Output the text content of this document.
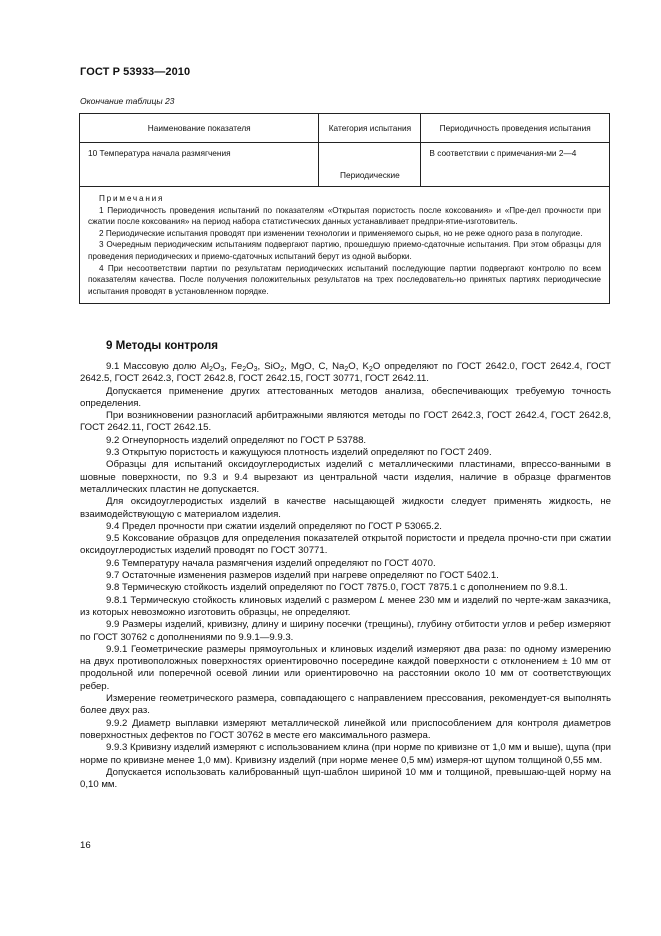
ГОСТ Р 53933—2010
Окончание таблицы 23
Наименование показателя	Категория испытания	Периодичность проведения испытания
10 Температура начала размягчения	Периодические	В соответствии с примечания-ми 2—4

Примечания

1 Периодичность проведения испытаний по показателям «Открытая пористость после коксования» и «Пре-дел прочности при сжатии после коксования» на период набора статистических данных устанавливает предпри-ятие-изготовитель.

2 Периодические испытания проводят при изменении технологии и применяемого сырья, но не реже одного раза в полугодие.

3 Очередным периодическим испытаниям подвергают партию, прошедшую приемо-сдаточные испытания. При этом образцы для проведения периодических и приемо-сдаточных испытаний берут из одной выборки.

4 При несоответствии партии по результатам периодических испытаний последующие партии подвергают контролю по всем показателям качества. После получения положительных результатов на трех последователь-но принятых партиях периодические испытания проводят в установленном порядке.		

9 Методы контроля

9.1 Массовую долю $Al_2O_3$, $Fe_2O_3$, SiO$_2$, MgO, C, $Na_2O$, $K_2O$ определяют по ГОСТ 2642.0, ГОСТ 2642.4, ГОСТ 2642.5, ГОСТ 2642.3, ГОСТ 2642.8, ГОСТ 2642.15, ГОСТ 30771, ГОСТ 2642.11.

Допускается применение других аттестованных методов анализа, обеспечивающих требуемую точность определения.

При возникновении разногласий арбитражными являются методы по ГОСТ 2642.3, ГОСТ 2642.4, ГОСТ 2642.8, ГОСТ 2642.11, ГОСТ 2642.15.

9.2 Огнеупорность изделий определяют по ГОСТ Р 53788.

9.3 Открытую пористость и кажущуюся плотность изделий определяют по ГОСТ 2409.

Образцы для испытаний оксидоуглеродистых изделий с металлическими пластинами, впрессо-ванными в шовные поверхности, по 9.3 и 9.4 вырезают из центральной части изделия, наличие в образце фрагментов металлических пластин не допускается.

Для оксидоуглеродистых изделий в качестве насыщающей жидкости следует применять жидкость, не взаимодействующую с материалом изделия.

9.4 Предел прочности при сжатии изделий определяют по ГОСТ Р 53065.2.

9.5 Коксование образцов для определения показателей открытой пористости и предела прочно-сти при сжатии оксидоуглеродистых изделий проводят по ГОСТ 30771.

9.6 Температуру начала размягчения изделий определяют по ГОСТ 4070.

9.7 Остаточные изменения размеров изделий при нагреве определяют по ГОСТ 5402.1.

9.8 Термическую стойкость изделий определяют по ГОСТ 7875.0, ГОСТ 7875.1 с дополнением по 9.8.1.

9.8.1 Термическую стойкость клиновых изделий с размером L менее 230 мм и изделий по черте-жам заказчика, из которых невозможно изготовить образцы, не определяют.

9.9 Размеры изделий, кривизну, длину и ширину посечки (трещины), глубину отбитости углов и ребер измеряют по ГОСТ 30762 с дополнениями по 9.9.1—9.9.3.

9.9.1 Геометрические размеры прямоугольных и клиновых изделий измеряют два раза: по одному измерению на двух противоположных поверхностях ориентировочно посередине каждой поверхности с отклонением ± 10 мм от продольной или поперечной осевой линии или ориентировочно на расстоянии около 10 мм от соответствующих ребер.

Измерение геометрического размера, совпадающего с направлением прессования, рекомендует-ся выполнять более двух раз.

9.9.2 Диаметр выплавки измеряют металлической линейкой или приспособлением для контроля диаметров поверхностных дефектов по ГОСТ 30762 в месте его максимального размера.

9.9.3 Кривизну изделий измеряют с использованием клина (при норме по кривизне от 1,0 мм и выше), щупа (при норме по кривизне менее 1,0 мм). Кривизну изделий (при норме менее 0,5 мм) измеря-ют щупом толщиной 0,55 мм.

Допускается использовать калиброванный щуп-шаблон шириной 10 мм и толщиной, превышаю-щей норму на 0,10 мм.

16
